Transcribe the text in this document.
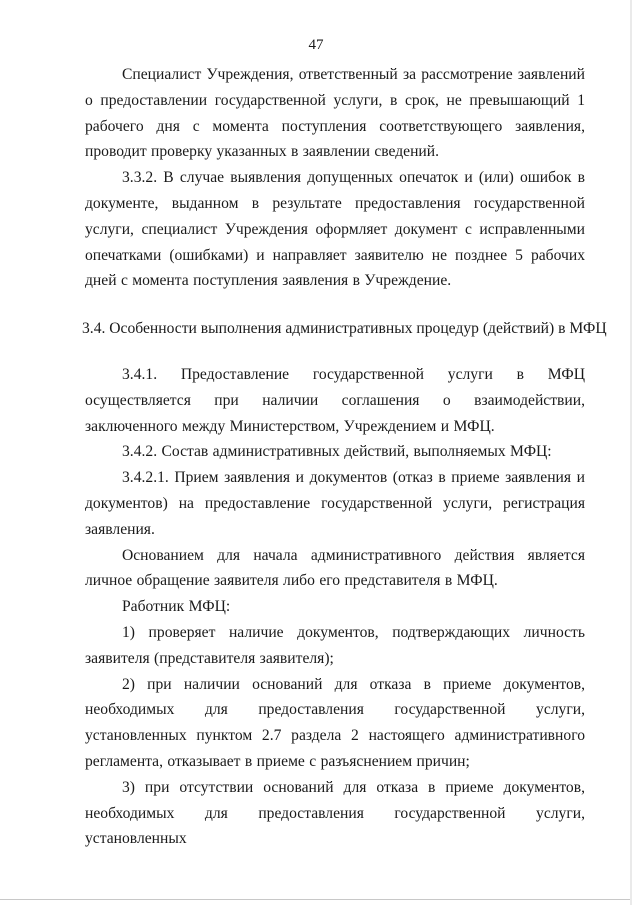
47

Специалист Учреждения, ответственный за рассмотрение заявлений о предоставлении государственной услуги, в срок, не превышающий 1 рабочего дня с момента поступления соответствующего заявления, проводит проверку указанных в заявлении сведений.

3.3.2. В случае выявления допущенных опечаток и (или) ошибок в документе, выданном в результате предоставления государственной услуги, специалист Учреждения оформляет документ с исправленными опечатками (ошибками) и направляет заявителю не позднее 5 рабочих дней с момента поступления заявления в Учреждение.

3.4. Особенности выполнения административных процедур (действий) в МФЦ

3.4.1. Предоставление государственной услуги в МФЦ осуществляется при наличии соглашения о взаимодействии, заключенного между Министерством, Учреждением и МФЦ.

3.4.2. Состав административных действий, выполняемых МФЦ:

3.4.2.1. Прием заявления и документов (отказ в приеме заявления и документов) на предоставление государственной услуги, регистрация заявления.

Основанием для начала административного действия является личное обращение заявителя либо его представителя в МФЦ.

Работник МФЦ:

1) проверяет наличие документов, подтверждающих личность заявителя (представителя заявителя);

2) при наличии оснований для отказа в приеме документов, необходимых для предоставления государственной услуги, установленных пунктом 2.7 раздела 2 настоящего административного регламента, отказывает в приеме с разъяснением причин;

3) при отсутствии оснований для отказа в приеме документов, необходимых для предоставления государственной услуги, установленных
